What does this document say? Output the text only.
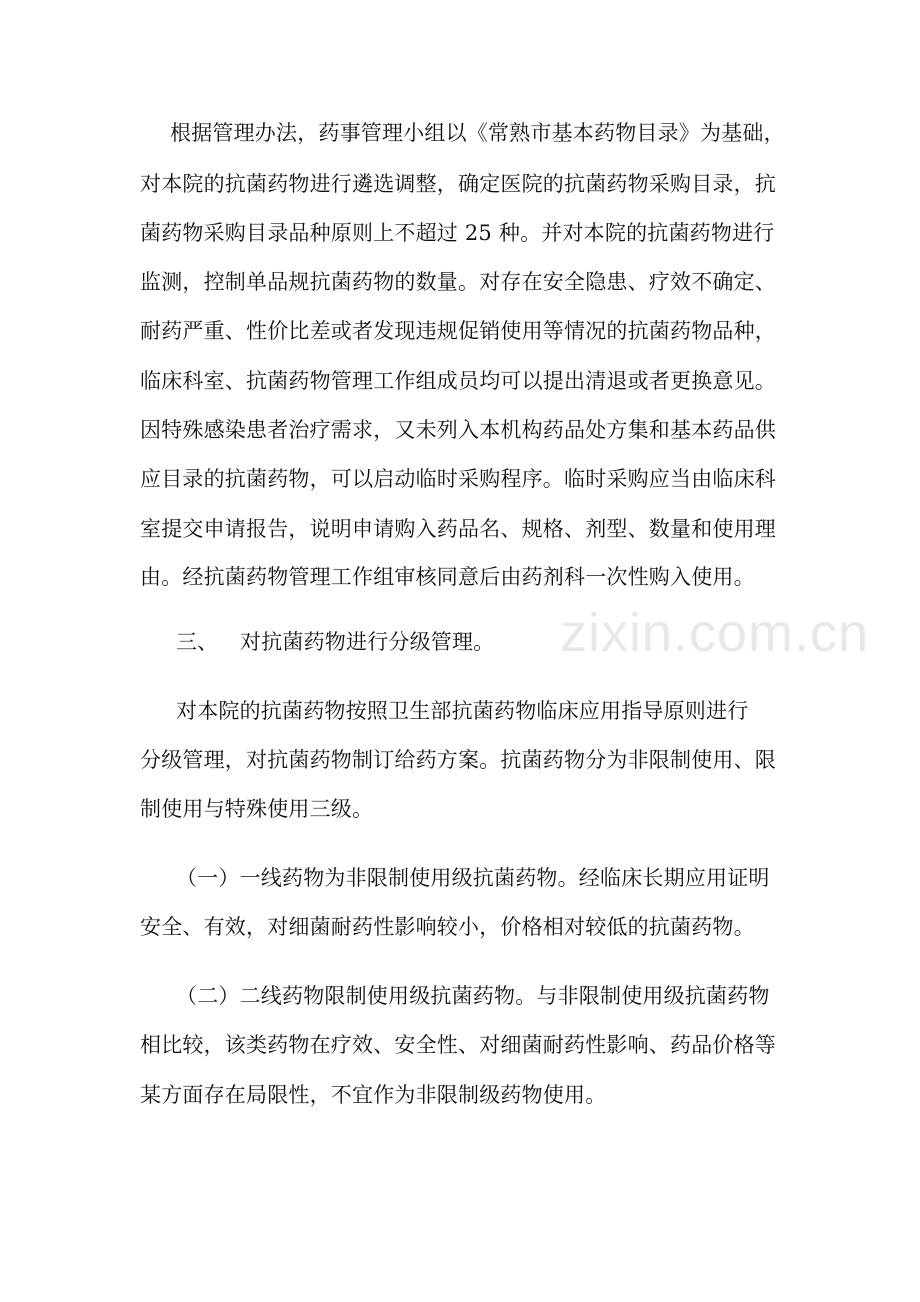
zixin.com.cn
根据管理办法，药事管理小组以《常熟市基本药物目录》为基础，
对本院的抗菌药物进行遴选调整，确定医院的抗菌药物采购目录，抗
菌药物采购目录品种原则上不超过 25 种。并对本院的抗菌药物进行
监测，控制单品规抗菌药物的数量。对存在安全隐患、疗效不确定、
耐药严重、性价比差或者发现违规促销使用等情况的抗菌药物品种，
临床科室、抗菌药物管理工作组成员均可以提出清退或者更换意见。
因特殊感染患者治疗需求，又未列入本机构药品处方集和基本药品供
应目录的抗菌药物，可以启动临时采购程序。临时采购应当由临床科
室提交申请报告，说明申请购入药品名、规格、剂型、数量和使用理
由。经抗菌药物管理工作组审核同意后由药剂科一次性购入使用。
三、 对抗菌药物进行分级管理。
对本院的抗菌药物按照卫生部抗菌药物临床应用指导原则进行
分级管理，对抗菌药物制订给药方案。抗菌药物分为非限制使用、限
制使用与特殊使用三级。
（一）一线药物为非限制使用级抗菌药物。经临床长期应用证明
安全、有效，对细菌耐药性影响较小，价格相对较低的抗菌药物。
（二）二线药物限制使用级抗菌药物。与非限制使用级抗菌药物
相比较，该类药物在疗效、安全性、对细菌耐药性影响、药品价格等
某方面存在局限性，不宜作为非限制级药物使用。
